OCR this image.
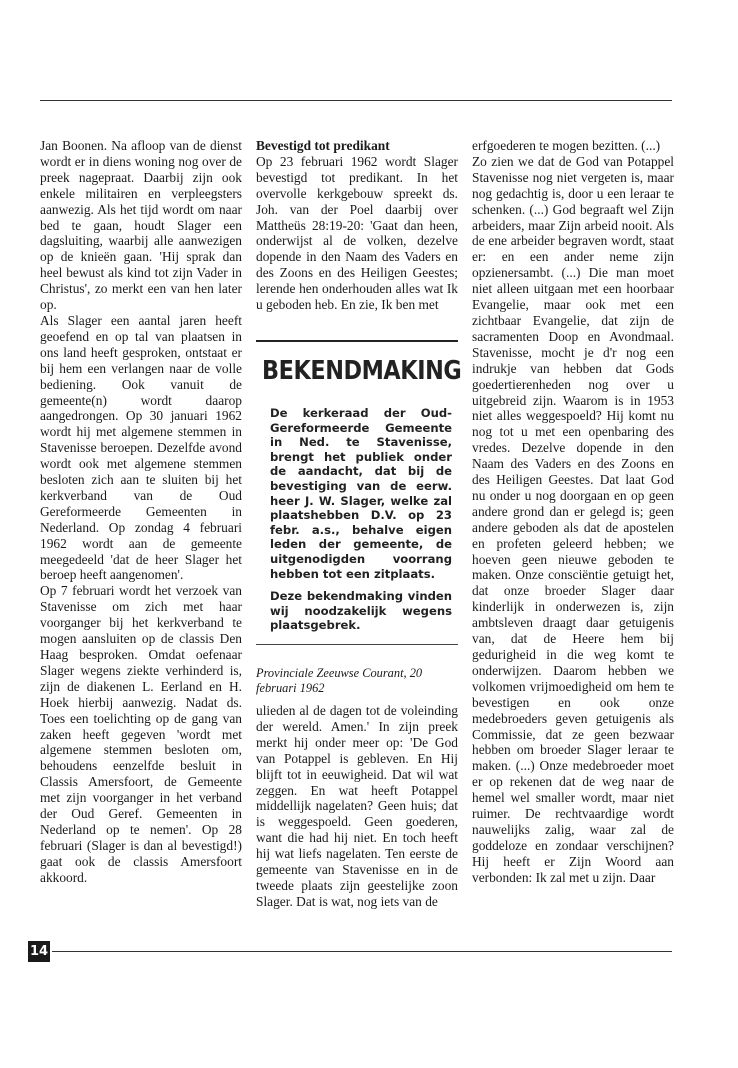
Jan Boonen. Na afloop van de dienst wordt er in diens woning nog over de preek nagepraat. Daarbij zijn ook enkele militairen en verpleegsters aanwezig. Als het tijd wordt om naar bed te gaan, houdt Slager een dagsluiting, waarbij alle aanwezigen op de knieën gaan. 'Hij sprak dan heel bewust als kind tot zijn Vader in Christus', zo merkt een van hen later op.

Als Slager een aantal jaren heeft geoefend en op tal van plaatsen in ons land heeft gesproken, ontstaat er bij hem een verlangen naar de volle bediening. Ook vanuit de gemeente(n) wordt daarop aangedrongen. Op 30 januari 1962 wordt hij met algemene stemmen in Stavenisse beroepen. Dezelfde avond wordt ook met algemene stemmen besloten zich aan te sluiten bij het kerkverband van de Oud Gereformeerde Gemeenten in Nederland. Op zondag 4 februari 1962 wordt aan de gemeente meegedeeld 'dat de heer Slager het beroep heeft aangenomen'.

Op 7 februari wordt het verzoek van Stavenisse om zich met haar voorganger bij het kerkverband te mogen aansluiten op de classis Den Haag besproken. Omdat oefenaar Slager wegens ziekte verhinderd is, zijn de diakenen L. Eerland en H. Hoek hierbij aanwezig. Nadat ds. Toes een toelichting op de gang van zaken heeft gegeven 'wordt met algemene stemmen besloten om, behoudens eenzelfde besluit in Classis Amersfoort, de Gemeente met zijn voorganger in het verband der Oud Geref. Gemeenten in Nederland op te nemen'. Op 28 februari (Slager is dan al bevestigd!) gaat ook de classis Amersfoort akkoord.

Bevestigd tot predikant

Op 23 februari 1962 wordt Slager bevestigd tot predikant. In het overvolle kerkgebouw spreekt ds. Joh. van der Poel daarbij over Mattheüs 28:19-20: 'Gaat dan heen, onderwijst al de volken, dezelve dopende in den Naam des Vaders en des Zoons en des Heiligen Geestes; lerende hen onderhouden alles wat Ik u geboden heb. En zie, Ik ben met

BEKENDMAKING
De kerkeraad der Oud-Gereformeerde Gemeente in Ned. te Stavenisse, brengt het publiek onder de aandacht, dat bij de bevestiging van de eerw. heer J. W. Slager, welke zal plaatshebben D.V. op 23 febr. a.s., behalve eigen leden der gemeente, de uitgenodigden voorrang hebben tot een zitplaats.
Deze bekendmaking vinden wij noodzakelijk wegens plaatsgebrek.
Provinciale Zeeuwse Courant, 20 februari 1962

ulieden al de dagen tot de voleinding der wereld. Amen.' In zijn preek merkt hij onder meer op: 'De God van Potappel is gebleven. En Hij blijft tot in eeuwigheid. Dat wil wat zeggen. En wat heeft Potappel middellijk nagelaten? Geen huis; dat is weggespoeld. Geen goederen, want die had hij niet. En toch heeft hij wat liefs nagelaten. Ten eerste de gemeente van Stavenisse en in de tweede plaats zijn geestelijke zoon Slager. Dat is wat, nog iets van de

erfgoederen te mogen bezitten. (...)

Zo zien we dat de God van Potappel Stavenisse nog niet vergeten is, maar nog gedachtig is, door u een leraar te schenken. (...) God begraaft wel Zijn arbeiders, maar Zijn arbeid nooit. Als de ene arbeider begraven wordt, staat er: en een ander neme zijn opzienersambt. (...) Die man moet niet alleen uitgaan met een hoorbaar Evangelie, maar ook met een zichtbaar Evangelie, dat zijn de sacramenten Doop en Avondmaal. Stavenisse, mocht je d'r nog een indrukje van hebben dat Gods goedertierenheden nog over u uitgebreid zijn. Waarom is in 1953 niet alles weggespoeld? Hij komt nu nog tot u met een openbaring des vredes. Dezelve dopende in den Naam des Vaders en des Zoons en des Heiligen Geestes. Dat laat God nu onder u nog doorgaan en op geen andere grond dan er gelegd is; geen andere geboden als dat de apostelen en profeten geleerd hebben; we hoeven geen nieuwe geboden te maken. Onze consciëntie getuigt het, dat onze broeder Slager daar kinderlijk in onderwezen is, zijn ambtsleven draagt daar getuigenis van, dat de Heere hem bij gedurigheid in die weg komt te onderwijzen. Daarom hebben we volkomen vrijmoedigheid om hem te bevestigen en ook onze medebroeders geven getuigenis als Commissie, dat ze geen bezwaar hebben om broeder Slager leraar te maken. (...) Onze medebroeder moet er op rekenen dat de weg naar de hemel wel smaller wordt, maar niet ruimer. De rechtvaardige wordt nauwelijks zalig, waar zal de goddeloze en zondaar verschijnen? Hij heeft er Zijn Woord aan verbonden: Ik zal met u zijn. Daar

14
